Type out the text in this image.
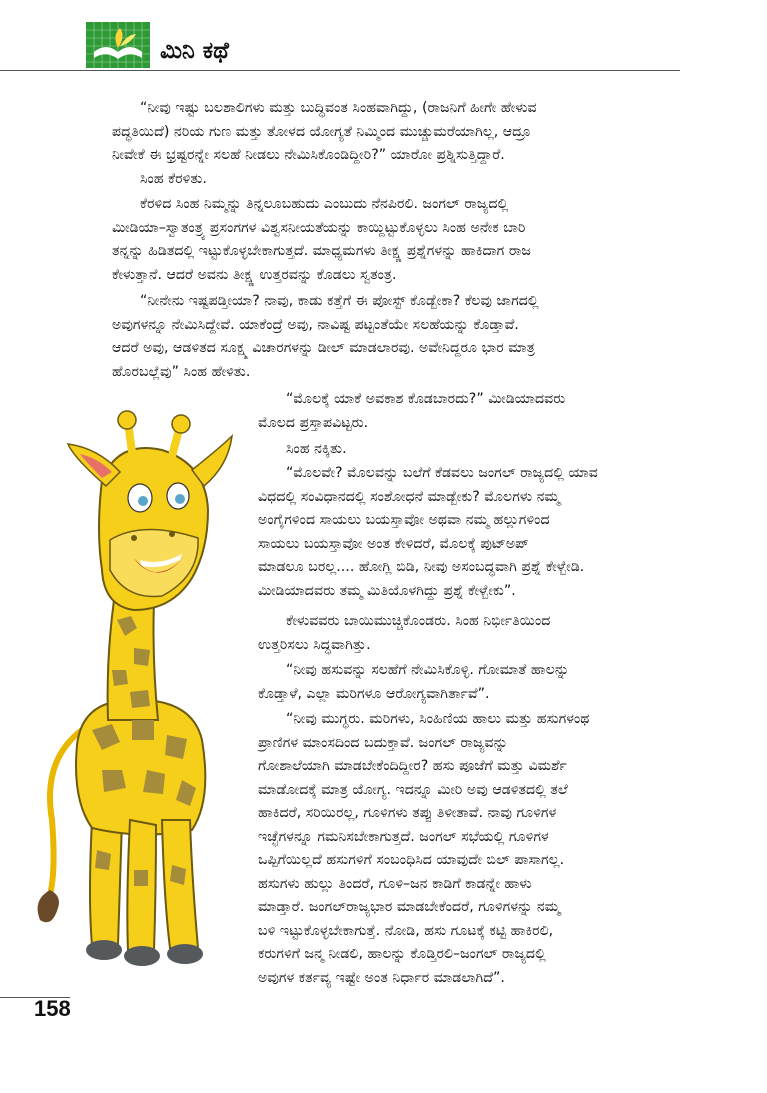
ಮಿನಿ ಕಥೆ
“ನೀವು ಇಷ್ಟು ಬಲಶಾಲಿಗಳು ಮತ್ತು ಬುದ್ಧಿವಂತ ಸಿಂಹವಾಗಿದ್ದು, (ರಾಜನಿಗೆ ಹೀಗೇ ಹೇಳುವ
ಪದ್ಧತಿಯಿದೆ) ನರಿಯ ಗುಣ ಮತ್ತು ತೋಳದ ಯೋಗ್ಯತೆ ನಿಮ್ಮಿಂದ ಮುಚ್ಚುಮರೆಯಾಗಿಲ್ಲ, ಆದ್ರೂ
ನೀವೇಕೆ ಈ ಭ್ರಷ್ಟರನ್ನೇ ಸಲಹೆ ನೀಡಲು ನೇಮಿಸಿಕೊಂಡಿದ್ದೀರಿ?” ಯಾರೋ ಪ್ರಶ್ನಿಸುತ್ತಿದ್ದಾರೆ.
ಸಿಂಹ ಕೆರಳಿತು.
ಕೆರಳಿದ ಸಿಂಹ ನಿಮ್ಮನ್ನು ತಿನ್ನಲೂಬಹುದು ಎಂಬುದು ನೆನಪಿರಲಿ. ಜಂಗಲ್ ರಾಜ್ಯದಲ್ಲಿ
ಮೀಡಿಯಾ–ಸ್ವಾತಂತ್ರ್ಯ ಪ್ರಸಂಗಗಳ ವಿಶ್ವಸನೀಯತೆಯನ್ನು ಕಾಯ್ದಿಟ್ಟುಕೊಳ್ಳಲು ಸಿಂಹ ಅನೇಕ ಬಾರಿ
ತನ್ನನ್ನು ಹಿಡಿತದಲ್ಲಿ ಇಟ್ಟುಕೊಳ್ಳಬೇಕಾಗುತ್ತದೆ. ಮಾಧ್ಯಮಗಳು ತೀಕ್ಷ್ಣ ಪ್ರಶ್ನೆಗಳನ್ನು ಹಾಕಿದಾಗ ರಾಜ
ಕೇಳುತ್ತಾನೆ. ಆದರೆ ಅವನು ತೀಕ್ಷ್ಣ ಉತ್ತರವನ್ನು ಕೊಡಲು ಸ್ವತಂತ್ರ.
“ನೀನೇನು ಇಷ್ಟಪಡ್ತೀಯಾ? ನಾವು, ಕಾಡು ಕತ್ತೆಗೆ ಈ ಪೋಸ್ಟ್ ಕೊಡ್ಬೇಕಾ? ಕೆಲವು ಜಾಗದಲ್ಲಿ
ಅವುಗಳನ್ನೂ ನೇಮಿಸಿದ್ದೇವೆ. ಯಾಕೆಂದ್ರೆ ಅವು, ನಾವಿಷ್ಟ ಪಟ್ಟಂತೆಯೇ ಸಲಹೆಯನ್ನು ಕೊಡ್ತಾವೆ.
ಆದರೆ ಅವು, ಆಡಳಿತದ ಸೂಕ್ಷ್ಮ ವಿಚಾರಗಳನ್ನು ಡೀಲ್ ಮಾಡಲಾರವು. ಅವೇನಿದ್ದರೂ ಭಾರ ಮಾತ್ರ
ಹೊರಬಲ್ಲೆವು” ಸಿಂಹ ಹೇಳಿತು.
“ಮೊಲಕ್ಕೆ ಯಾಕೆ ಅವಕಾಶ ಕೊಡಬಾರದು?” ಮೀಡಿಯಾದವರು
ಮೊಲದ ಪ್ರಸ್ತಾಪವಿಟ್ಟರು.
ಸಿಂಹ ನಕ್ಕಿತು.
“ಮೊಲವೇ? ಮೊಲವನ್ನು ಬಲೆಗೆ ಕೆಡವಲು ಜಂಗಲ್ ರಾಜ್ಯದಲ್ಲಿ ಯಾವ
ವಿಧದಲ್ಲಿ ಸಂವಿಧಾನದಲ್ಲಿ ಸಂಶೋಧನೆ ಮಾಡ್ಬೇಕು? ಮೊಲಗಳು ನಮ್ಮ
ಅಂಗೈಗಳಿಂದ ಸಾಯಲು ಬಯಸ್ತಾವೋ ಅಥವಾ ನಮ್ಮ ಹಲ್ಲುಗಳಿಂದ
ಸಾಯಲು ಬಯಸ್ತಾವೋ ಅಂತ ಕೇಳಿದರೆ, ಮೊಲಕ್ಕೆ ಪುಟ್‌ಅಪ್
ಮಾಡಲೂ ಬರಲ್ಲ.... ಹೋಗ್ಲಿ ಬಿಡಿ, ನೀವು ಅಸಂಬದ್ಧವಾಗಿ ಪ್ರಶ್ನೆ ಕೇಳ್ಬೇಡಿ.
ಮೀಡಿಯಾದವರು ತಮ್ಮ ಮಿತಿಯೊಳಗಿದ್ದು ಪ್ರಶ್ನೆ ಕೇಳ್ಬೇಕು”.
ಕೇಳುವವರು ಬಾಯಿಮುಚ್ಚಿಕೊಂಡರು. ಸಿಂಹ ನಿರ್ಭೀತಿಯಿಂದ
ಉತ್ತರಿಸಲು ಸಿದ್ಧವಾಗಿತ್ತು.
“ನೀವು ಹಸುವನ್ನು ಸಲಹೆಗೆ ನೇಮಿಸಿಕೊಳ್ಳಿ. ಗೋಮಾತೆ ಹಾಲನ್ನು
ಕೊಡ್ತಾಳೆ, ಎಲ್ಲಾ ಮರಿಗಳೂ ಆರೋಗ್ಯವಾಗಿರ್ತಾವೆ”.
“ನೀವು ಮುಗ್ಧರು. ಮರಿಗಳು, ಸಿಂಹಿಣಿಯ ಹಾಲು ಮತ್ತು ಹಸುಗಳಂಥ
ಪ್ರಾಣಿಗಳ ಮಾಂಸದಿಂದ ಬದುಕ್ತಾವೆ. ಜಂಗಲ್ ರಾಜ್ಯವನ್ನು
ಗೋಶಾಲೆಯಾಗಿ ಮಾಡಬೇಕೆಂದಿದ್ದೀರ? ಹಸು ಪೂಜೆಗೆ ಮತ್ತು ವಿಮರ್ಶೆ
ಮಾಡೋದಕ್ಕೆ ಮಾತ್ರ ಯೋಗ್ಯ. ಇದನ್ನೂ ಮೀರಿ ಅವು ಆಡಳಿತದಲ್ಲಿ ತಲೆ
ಹಾಕಿದರೆ, ಸರಿಯಿರಲ್ಲ, ಗೂಳಿಗಳು ತಪ್ಪು ತಿಳೀತಾವೆ. ನಾವು ಗೂಳಿಗಳ
ಇಚ್ಛೆಗಳನ್ನೂ ಗಮನಿಸಬೇಕಾಗುತ್ತದೆ. ಜಂಗಲ್ ಸಭೆಯಲ್ಲಿ ಗೂಳಿಗಳ
ಒಪ್ಪಿಗೆಯಿಲ್ಲದೆ ಹಸುಗಳಿಗೆ ಸಂಬಂಧಿಸಿದ ಯಾವುದೇ ಬಿಲ್ ಪಾಸಾಗಲ್ಲ.
ಹಸುಗಳು ಹುಲ್ಲು ತಿಂದರೆ, ಗೂಳಿ–ಜನ ಕಾಡಿಗೆ ಕಾಡನ್ನೇ ಹಾಳು
ಮಾಡ್ತಾರೆ. ಜಂಗಲ್‌ರಾಜ್ಯಭಾರ ಮಾಡಬೇಕೆಂದರೆ, ಗೂಳಿಗಳನ್ನು ನಮ್ಮ
ಬಳಿ ಇಟ್ಟುಕೊಳ್ಳಬೇಕಾಗುತ್ತೆ. ನೋಡಿ, ಹಸು ಗೂಟಕ್ಕೆ ಕಟ್ಟಿ ಹಾಕಿರಲಿ,
ಕರುಗಳಿಗೆ ಜನ್ಮ ನೀಡಲಿ, ಹಾಲನ್ನು ಕೊಡ್ತಿರಲಿ–ಜಂಗಲ್ ರಾಜ್ಯದಲ್ಲಿ
ಅವುಗಳ ಕರ್ತವ್ಯ ಇಷ್ಟೇ ಅಂತ ನಿರ್ಧಾರ ಮಾಡಲಾಗಿದೆ”.
158
